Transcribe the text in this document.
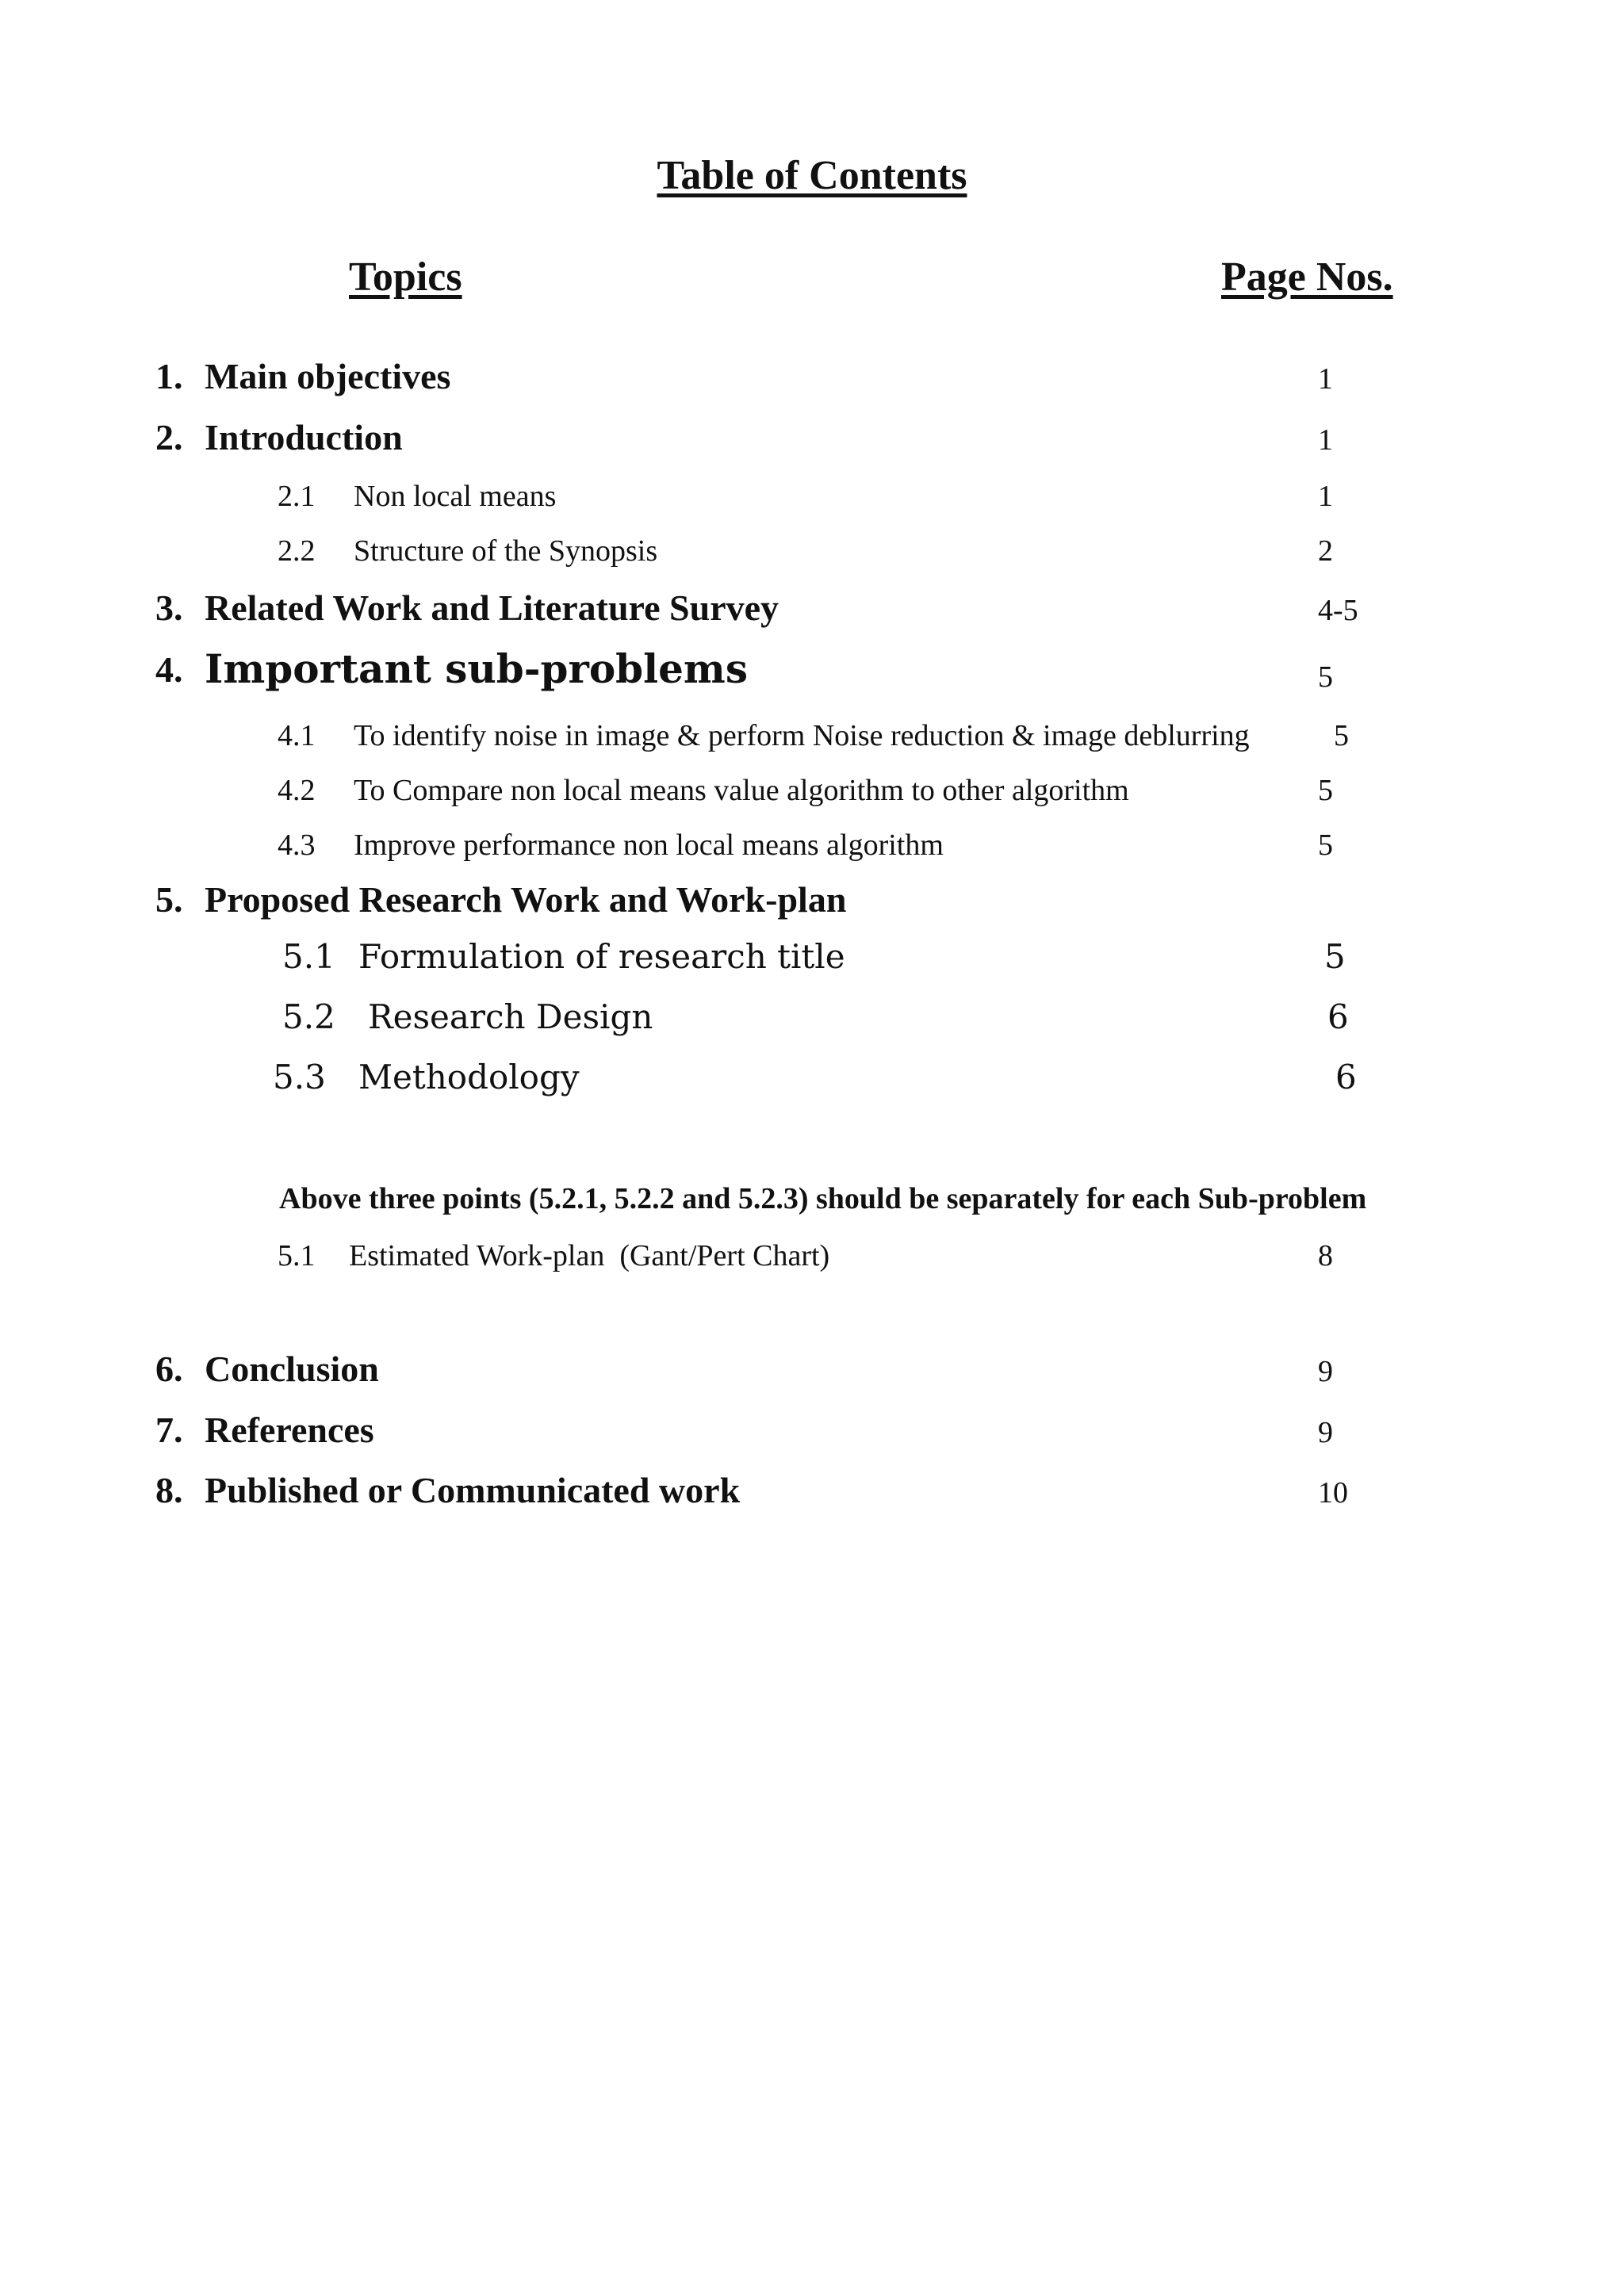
Table of Contents
Topics	Page Nos.
1. Main objectives	1
2. Introduction	1
2.1 Non local means	1
2.2 Structure of the Synopsis	2
3. Related Work and Literature Survey	4-5
4. Important sub-problems	5
4.1 To identify noise in image & perform Noise reduction & image deblurring	5
4.2 To Compare non local means value algorithm to other algorithm	5
4.3 Improve performance non local means algorithm	5
5. Proposed Research Work and Work-plan
5.1 Formulation of research title	5
5.2 Research Design	6
5.3 Methodology	6
Above three points (5.2.1, 5.2.2 and 5.2.3) should be separately for each Sub-problem
5.1 Estimated Work-plan  (Gant/Pert Chart)	8
6. Conclusion	9
7. References	9
8. Published or Communicated work	10
